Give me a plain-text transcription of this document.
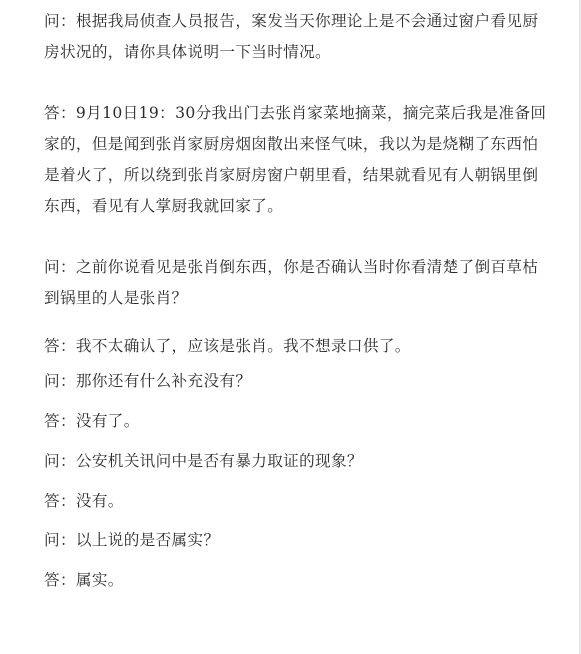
问：根据我局侦查人员报告，案发当天你理论上是不会通过窗户看见厨房状况的，请你具体说明一下当时情况。

答：9月10日19：30分我出门去张肖家菜地摘菜，摘完菜后我是准备回家的，但是闻到张肖家厨房烟囱散出来怪气味，我以为是烧糊了东西怕是着火了，所以绕到张肖家厨房窗户朝里看，结果就看见有人朝锅里倒东西，看见有人掌厨我就回家了。

问：之前你说看见是张肖倒东西，你是否确认当时你看清楚了倒百草枯到锅里的人是张肖？

答：我不太确认了，应该是张肖。我不想录口供了。

问：那你还有什么补充没有？

答：没有了。

问：公安机关讯问中是否有暴力取证的现象？

答：没有。

问：以上说的是否属实？

答：属实。
